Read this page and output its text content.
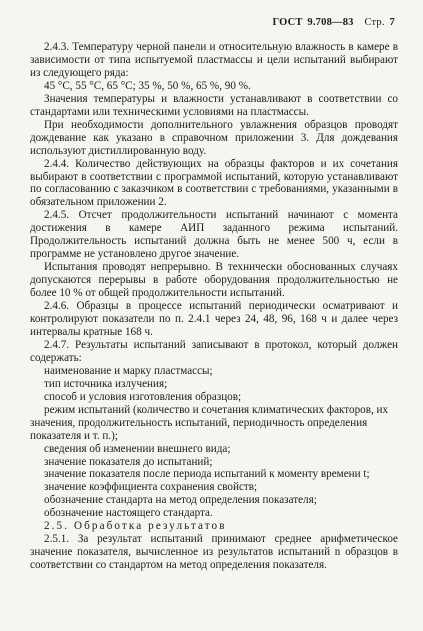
ГОСТ 9.708—83 Стр. 7

2.4.3. Температуру черной панели и относительную влажность в камере в зависимости от типа испытуемой пластмассы и цели испытаний выбирают из следующего ряда:

45 °С, 55 °С, 65 °С; 35 %, 50 %, 65 %, 90 %.

Значения температуры и влажности устанавливают в соответствии со стандартами или техническими условиями на пластмассы.

При необходимости дополнительного увлажнения образцов проводят дождевание как указано в справочном приложении 3. Для дождевания используют дистиллированную воду.

2.4.4. Количество действующих на образцы факторов и их сочетания выбирают в соответствии с программой испытаний, которую устанавливают по согласованию с заказчиком в соответствии с требованиями, указанными в обязательном приложении 2.

2.4.5. Отсчет продолжительности испытаний начинают с момента достижения в камере АИП заданного режима испытаний. Продолжительность испытаний должна быть не менее 500 ч, если в программе не установлено другое значение.

Испытания проводят непрерывно. В технически обоснованных случаях допускаются перерывы в работе оборудования продолжительностью не более 10 % от общей продолжительности испытаний.

2.4.6. Образцы в процессе испытаний периодически осматривают и контролируют показатели по п. 2.4.1 через 24, 48, 96, 168 ч и далее через интервалы кратные 168 ч.

2.4.7. Результаты испытаний записывают в протокол, который должен содержать:

наименование и марку пластмассы;

тип источника излучения;

способ и условия изготовления образцов;

режим испытаний (количество и сочетания климатических факторов, их значения, продолжительность испытаний, периодичность определения показателя и т. п.);

сведения об изменении внешнего вида;

значение показателя до испытаний;

значение показателя после периода испытаний к моменту времени t;

значение коэффициента сохранения свойств;

обозначение стандарта на метод определения показателя;

обозначение настоящего стандарта.

2.5. Обработка результатов

2.5.1. За результат испытаний принимают среднее арифметическое значение показателя, вычисленное из результатов испытаний n образцов в соответствии со стандартом на метод определения показателя.
